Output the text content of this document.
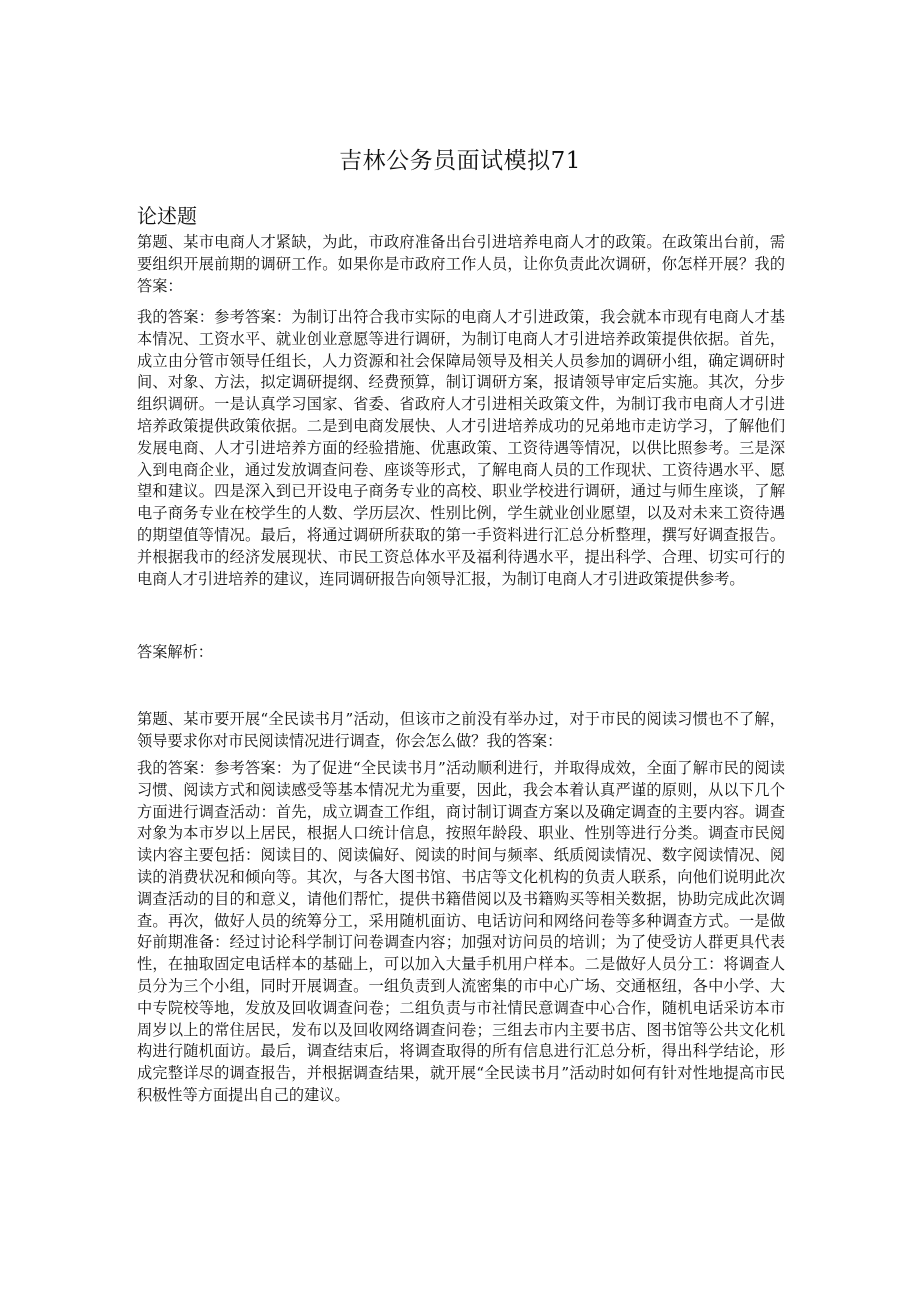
吉林公务员面试模拟71
论述题

第题、某市电商人才紧缺，为此，市政府准备出台引进培养电商人才的政策。在政策出台前，需要组织开展前期的调研工作。如果你是市政府工作人员，让你负责此次调研，你怎样开展？我的答案：

我的答案：参考答案：为制订出符合我市实际的电商人才引进政策，我会就本市现有电商人才基本情况、工资水平、就业创业意愿等进行调研，为制订电商人才引进培养政策提供依据。首先，成立由分管市领导任组长，人力资源和社会保障局领导及相关人员参加的调研小组，确定调研时间、对象、方法，拟定调研提纲、经费预算，制订调研方案，报请领导审定后实施。其次，分步组织调研。一是认真学习国家、省委、省政府人才引进相关政策文件，为制订我市电商人才引进培养政策提供政策依据。二是到电商发展快、人才引进培养成功的兄弟地市走访学习，了解他们发展电商、人才引进培养方面的经验措施、优惠政策、工资待遇等情况，以供比照参考。三是深入到电商企业，通过发放调查问卷、座谈等形式，了解电商人员的工作现状、工资待遇水平、愿望和建议。四是深入到已开设电子商务专业的高校、职业学校进行调研，通过与师生座谈，了解电子商务专业在校学生的人数、学历层次、性别比例，学生就业创业愿望，以及对未来工资待遇的期望值等情况。最后，将通过调研所获取的第一手资料进行汇总分析整理，撰写好调查报告。并根据我市的经济发展现状、市民工资总体水平及福利待遇水平，提出科学、合理、切实可行的电商人才引进培养的建议，连同调研报告向领导汇报，为制订电商人才引进政策提供参考。

答案解析：

第题、某市要开展“全民读书月”活动，但该市之前没有举办过，对于市民的阅读习惯也不了解，领导要求你对市民阅读情况进行调查，你会怎么做？我的答案：

我的答案：参考答案：为了促进“全民读书月”活动顺利进行，并取得成效，全面了解市民的阅读习惯、阅读方式和阅读感受等基本情况尤为重要，因此，我会本着认真严谨的原则，从以下几个方面进行调查活动：首先，成立调查工作组，商讨制订调查方案以及确定调查的主要内容。调查对象为本市岁以上居民，根据人口统计信息，按照年龄段、职业、性别等进行分类。调查市民阅读内容主要包括：阅读目的、阅读偏好、阅读的时间与频率、纸质阅读情况、数字阅读情况、阅读的消费状况和倾向等。其次，与各大图书馆、书店等文化机构的负责人联系，向他们说明此次调查活动的目的和意义，请他们帮忙，提供书籍借阅以及书籍购买等相关数据，协助完成此次调查。再次，做好人员的统筹分工，采用随机面访、电话访问和网络问卷等多种调查方式。一是做好前期准备：经过讨论科学制订问卷调查内容；加强对访问员的培训；为了使受访人群更具代表性，在抽取固定电话样本的基础上，可以加入大量手机用户样本。二是做好人员分工：将调查人员分为三个小组，同时开展调查。一组负责到人流密集的市中心广场、交通枢纽，各中小学、大中专院校等地，发放及回收调查问卷；二组负责与市社情民意调查中心合作，随机电话采访本市周岁以上的常住居民，发布以及回收网络调查问卷；三组去市内主要书店、图书馆等公共文化机构进行随机面访。最后，调查结束后，将调查取得的所有信息进行汇总分析，得出科学结论，形成完整详尽的调查报告，并根据调查结果，就开展“全民读书月”活动时如何有针对性地提高市民积极性等方面提出自己的建议。
